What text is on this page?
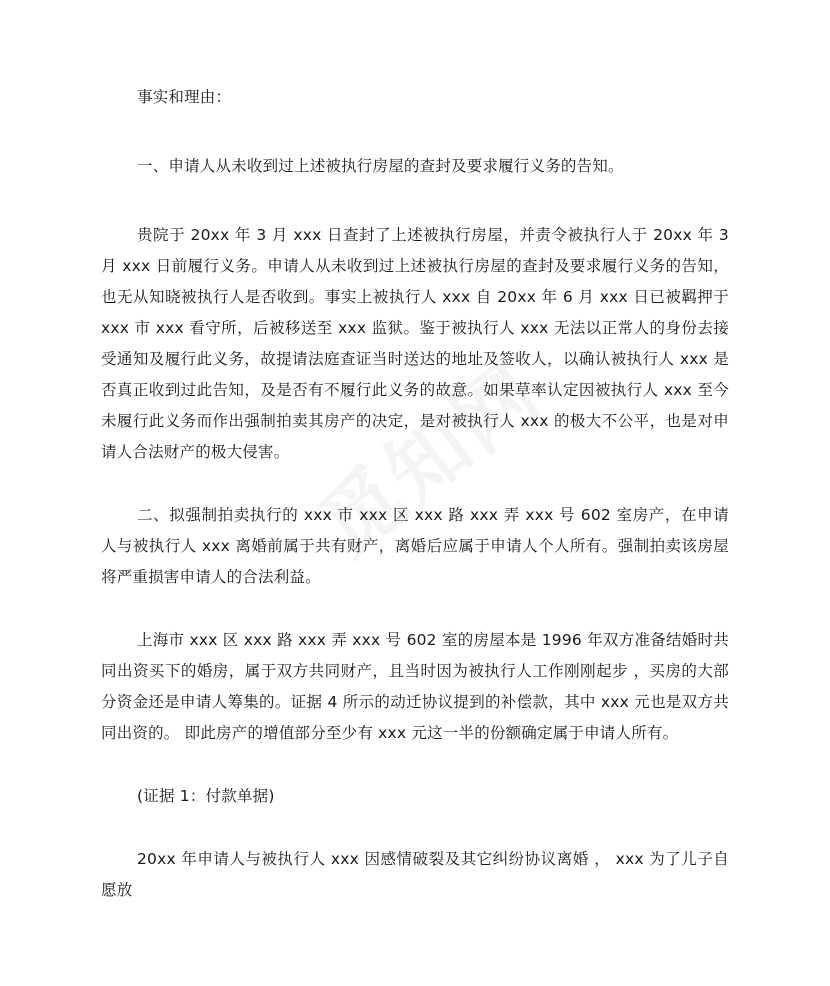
事实和理由：

一、申请人从未收到过上述被执行房屋的查封及要求履行义务的告知。

贵院于 20xx 年 3 月 xxx 日查封了上述被执行房屋，并责令被执行人于 20xx 年 3 月 xxx 日前履行义务。申请人从未收到过上述被执行房屋的查封及要求履行义务的告知，也无从知晓被执行人是否收到。事实上被执行人 xxx 自 20xx 年 6 月 xxx 日已被羁押于 xxx 市 xxx 看守所，后被移送至 xxx 监狱。鉴于被执行人 xxx 无法以正常人的身份去接受通知及履行此义务，故提请法庭查证当时送达的地址及签收人，以确认被执行人 xxx 是否真正收到过此告知，及是否有不履行此义务的故意。如果草率认定因被执行人 xxx 至今未履行此义务而作出强制拍卖其房产的决定，是对被执行人 xxx 的极大不公平，也是对申请人合法财产的极大侵害。

二、拟强制拍卖执行的 xxx 市 xxx 区 xxx 路 xxx 弄 xxx 号 602 室房产，在申请人与被执行人 xxx 离婚前属于共有财产，离婚后应属于申请人个人所有。强制拍卖该房屋将严重损害申请人的合法利益。

上海市 xxx 区 xxx 路 xxx 弄 xxx 号 602 室的房屋本是 1996 年双方准备结婚时共同出资买下的婚房，属于双方共同财产，且当时因为被执行人工作刚刚起步 ，买房的大部分资金还是申请人筹集的。证据 4 所示的动迁协议提到的补偿款，其中 xxx 元也是双方共同出资的。 即此房产的增值部分至少有 xxx 元这一半的份额确定属于申请人所有。

(证据 1：付款单据)

20xx 年申请人与被执行人 xxx 因感情破裂及其它纠纷协议离婚 ， xxx 为了儿子自愿放
